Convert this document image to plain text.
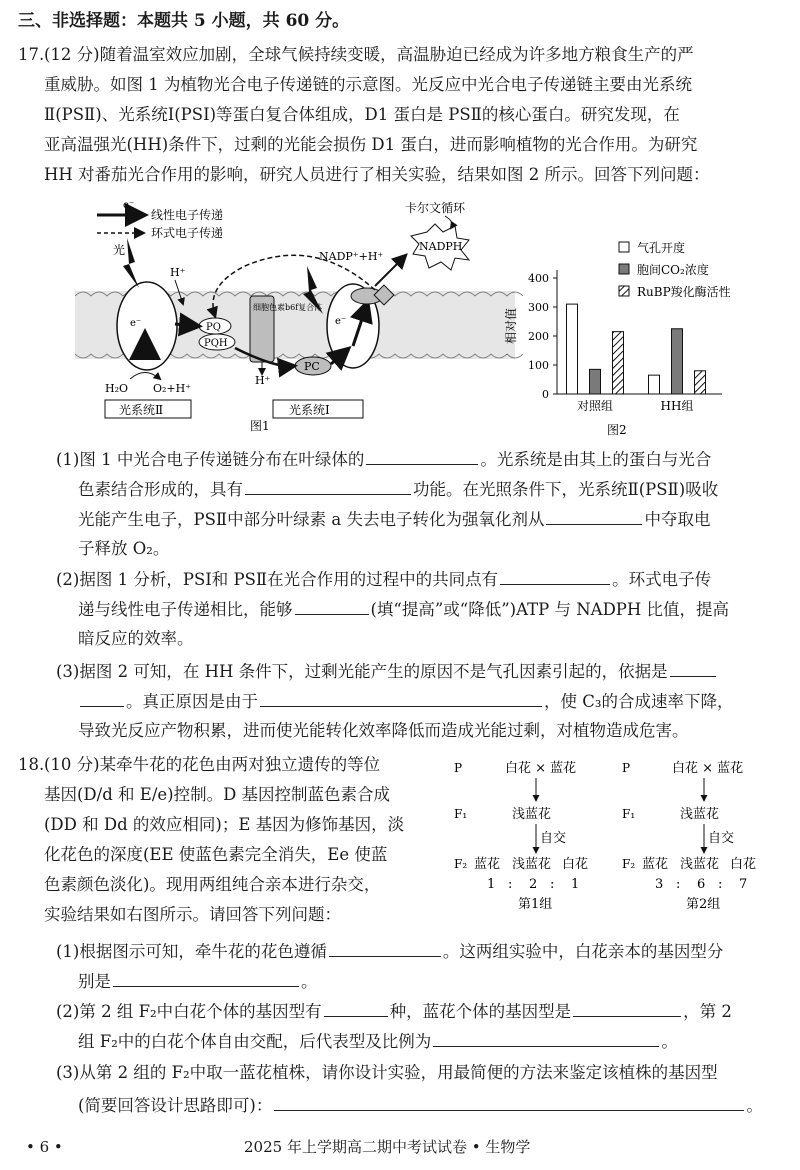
三、非选择题：本题共 5 小题，共 60 分。
17. (12 分)随着温室效应加剧，全球气候持续变暖，高温胁迫已经成为许多地方粮食生产的严
重威胁。如图 1 为植物光合电子传递链的示意图。光反应中光合电子传递链主要由光系统
Ⅱ(PSⅡ)、光系统Ⅰ(PSⅠ)等蛋白复合体组成，D1 蛋白是 PSⅡ的核心蛋白。研究发现，在
亚高温强光(HH)条件下，过剩的光能会损伤 D1 蛋白，进而影响植物的光合作用。为研究
HH 对番茄光合作用的影响，研究人员进行了相关实验，结果如图 2 所示。回答下列问题：
e⁻
线性电子传递
环式电子传递
光
e⁻
H₂O O₂+H⁺
光系统Ⅱ
PQ
PQH
H⁺
细胞色素b6f复合体
H⁺
PC
e⁻
NADP⁺+H⁺
NADPH
卡尔文循环
光系统Ⅰ
图1
0
100
200
300
400
对照组	HH组
气孔开度
胞间CO₂浓度
RuBP羧化酶活性
相对值
图2
(1)图 1 中光合电子传递链分布在叶绿体的	。光系统是由其上的蛋白与光合
色素结合形成的，具有	功能。在光照条件下，光系统Ⅱ(PSⅡ)吸收
光能产生电子，PSⅡ中部分叶绿素 a 失去电子转化为强氧化剂从	中夺取电
子释放 O₂。
(2)据图 1 分析，PSⅠ和 PSⅡ在光合作用的过程中的共同点有	。环式电子传
递与线性电子传递相比，能够	(填“提高”或“降低”)ATP 与 NADPH 比值，提高
暗反应的效率。
(3)据图 2 可知，在 HH 条件下，过剩光能产生的原因不是气孔因素引起的，依据是
。真正原因是由于	，使 C₃的合成速率下降，
导致光反应产物积累，进而使光能转化效率降低而造成光能过剩，对植物造成危害。
18. (10 分)某牵牛花的花色由两对独立遗传的等位
基因(D/d 和 E/e)控制。D 基因控制蓝色素合成
(DD 和 Dd 的效应相同)；E 基因为修饰基因，淡
化花色的深度(EE 使蓝色素完全消失，Ee 使蓝
色素颜色淡化)。现用两组纯合亲本进行杂交，
实验结果如右图所示。请回答下列问题：
P	白花 × 蓝花
F₁	浅蓝花
自交
F₂ 蓝花 浅蓝花 白花
1 : 2 : 1
第1组
P	白花 × 蓝花
F₁	浅蓝花
自交
F₂ 蓝花 浅蓝花 白花
3 : 6 : 7
第2组
(1)根据图示可知，牵牛花的花色遵循	。这两组实验中，白花亲本的基因型分
别是	。
(2)第 2 组 F₂中白花个体的基因型有	种，蓝花个体的基因型是	，第 2
组 F₂中的白花个体自由交配，后代表型及比例为	。
(3)从第 2 组的 F₂中取一蓝花植株，请你设计实验，用最简便的方法来鉴定该植株的基因型
(简要回答设计思路即可)：	。
• 6 •	2025 年上学期高二期中考试试卷 • 生物学
